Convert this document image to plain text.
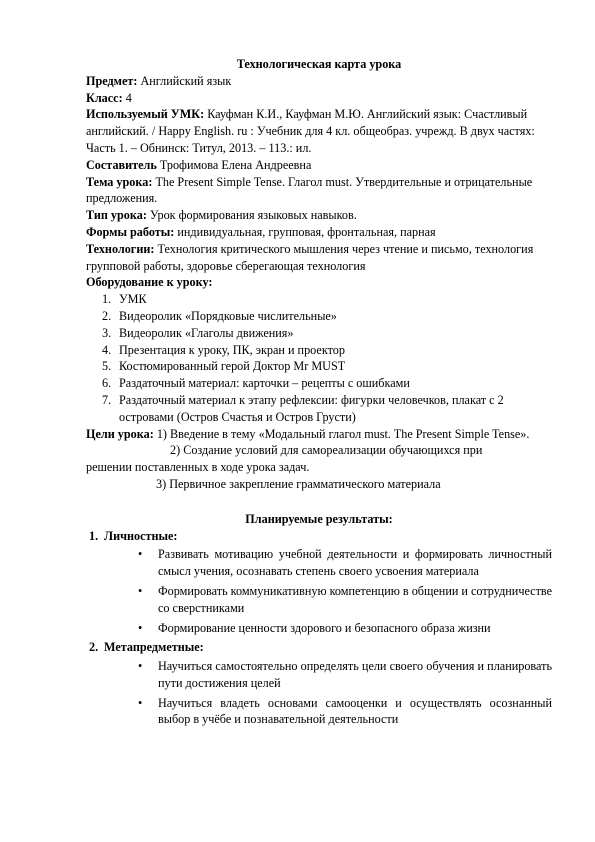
Технологическая карта урока

Предмет: Английский язык

Класс: 4

Используемый УМК: Кауфман К.И., Кауфман М.Ю. Английский язык: Счастливый английский. / Happy English. ru : Учебник для 4 кл. общеобраз. учрежд. В двух частях: Часть 1. – Обнинск: Титул, 2013. – 113.: ил.

Составитель Трофимова Елена Андреевна

Тема урока: The Present Simple Tense. Глагол must. Утвердительные и отрицательные предложения.

Тип урока: Урок формирования языковых навыков.

Формы работы: индивидуальная, групповая, фронтальная, парная

Технологии: Технология критического мышления через чтение и письмо, технология групповой работы, здоровье сберегающая технология

Оборудование к уроку:

1. УМК
2. Видеоролик «Порядковые числительные»
3. Видеоролик «Глаголы движения»
4. Презентация к уроку, ПК, экран и проектор
5. Костюмированный герой Доктор Mr MUST
6. Раздаточный материал: карточки – рецепты с ошибками
7. Раздаточный материал к этапу рефлексии: фигурки человечков, плакат с 2 островами (Остров Счастья и Остров Грусти)

Цели урока: 1) Введение в тему «Модальный глагол must. The Present Simple Tense».

2) Создание условий для самореализации обучающихся при

решении поставленных в ходе урока задач.

3) Первичное закрепление грамматического материала

Планируемые результаты:

1. Личностные:
• Развивать мотивацию учебной деятельности и формировать личностный смысл учения, осознавать степень своего усвоения материала
• Формировать коммуникативную компетенцию в общении и сотрудничестве со сверстниками
• Формирование ценности здорового и безопасного образа жизни
2. Метапредметные:
• Научиться самостоятельно определять цели своего обучения и планировать пути достижения целей
• Научиться владеть основами самооценки и осуществлять осознанный выбор в учёбе и познавательной деятельности
